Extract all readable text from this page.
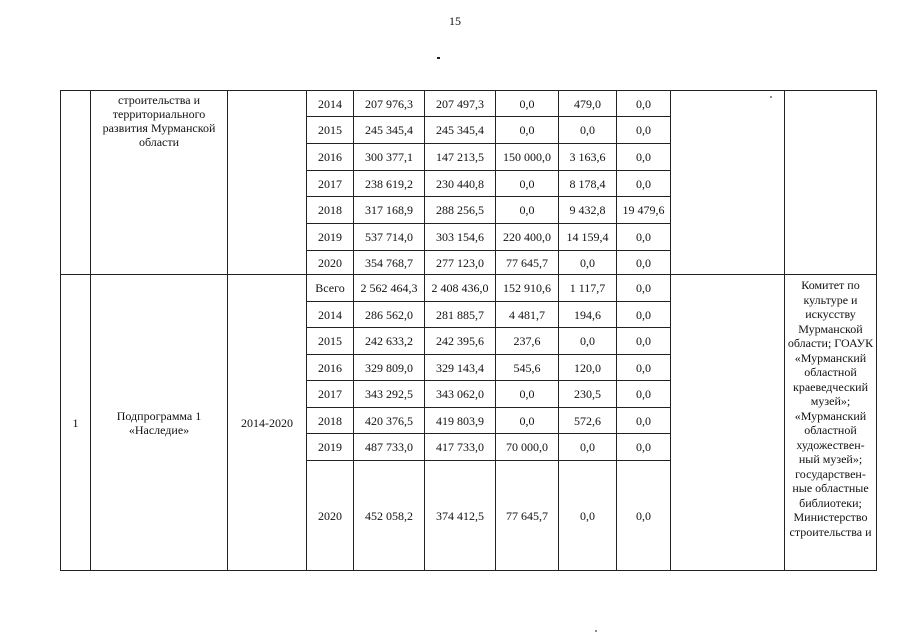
15
	строительства и территориального развития Мурманской области		2014	207 976,3	207 497,3	0,0	479,0	0,0		
			2015	245 345,4	245 345,4	0,0	0,0	0,0		
			2016	300 377,1	147 213,5	150 000,0	3 163,6	0,0		
			2017	238 619,2	230 440,8	0,0	8 178,4	0,0		
			2018	317 168,9	288 256,5	0,0	9 432,8	19 479,6		
			2019	537 714,0	303 154,6	220 400,0	14 159,4	0,0		
			2020	354 768,7	277 123,0	77 645,7	0,0	0,0		
1	Подпрограмма 1 «Наследие»	2014-2020	Всего	2 562 464,3	2 408 436,0	152 910,6	1 117,7	0,0		Комитет по культуре и искусству Мурманской области; ГОАУК «Мурманский областной краеведческий музей»; «Мурманский областной художествен-ный музей»; государствен-ные областные библиотеки; Министерство строительства и
			2014	286 562,0	281 885,7	4 481,7	194,6	0,0		
			2015	242 633,2	242 395,6	237,6	0,0	0,0		
			2016	329 809,0	329 143,4	545,6	120,0	0,0		
			2017	343 292,5	343 062,0	0,0	230,5	0,0		
			2018	420 376,5	419 803,9	0,0	572,6	0,0		
			2019	487 733,0	417 733,0	70 000,0	0,0	0,0		
			2020	452 058,2	374 412,5	77 645,7	0,0	0,0		
